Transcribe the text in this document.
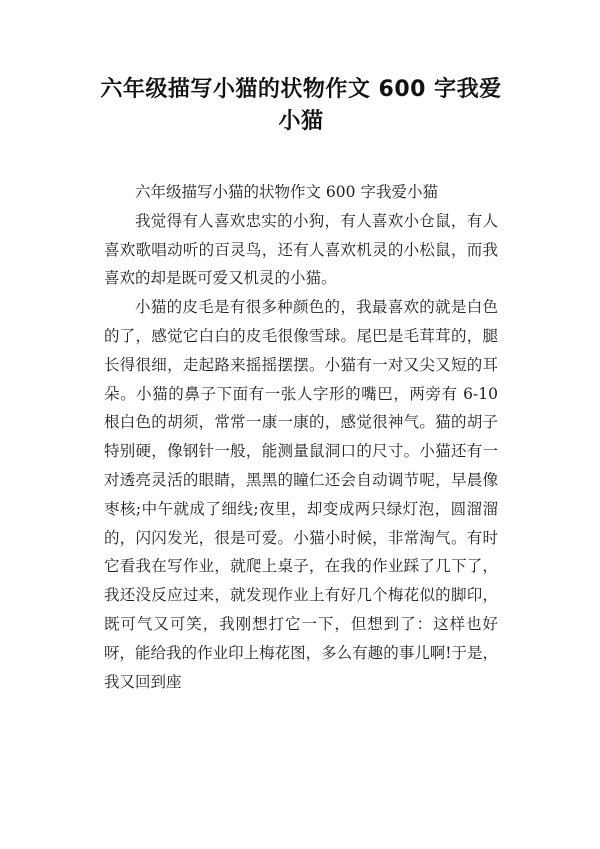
六年级描写小猫的状物作文 600 字我爱小猫

六年级描写小猫的状物作文 600 字我爱小猫

我觉得有人喜欢忠实的小狗，有人喜欢小仓鼠，有人喜欢歌唱动听的百灵鸟，还有人喜欢机灵的小松鼠，而我喜欢的却是既可爱又机灵的小猫。

小猫的皮毛是有很多种颜色的，我最喜欢的就是白色的了，感觉它白白的皮毛很像雪球。尾巴是毛茸茸的，腿长得很细，走起路来摇摇摆摆。小猫有一对又尖又短的耳朵。小猫的鼻子下面有一张人字形的嘴巴，两旁有 6-10 根白色的胡须，常常一康一康的，感觉很神气。猫的胡子特别硬，像钢针一般，能测量鼠洞口的尺寸。小猫还有一对透亮灵活的眼睛，黑黑的瞳仁还会自动调节呢，早晨像枣核;中午就成了细线;夜里，却变成两只绿灯泡，圆溜溜的，闪闪发光，很是可爱。小猫小时候，非常淘气。有时它看我在写作业，就爬上桌子，在我的作业踩了几下了，我还没反应过来，就发现作业上有好几个梅花似的脚印，既可气又可笑，我刚想打它一下，但想到了：这样也好呀，能给我的作业印上梅花图，多么有趣的事儿啊!于是，我又回到座
